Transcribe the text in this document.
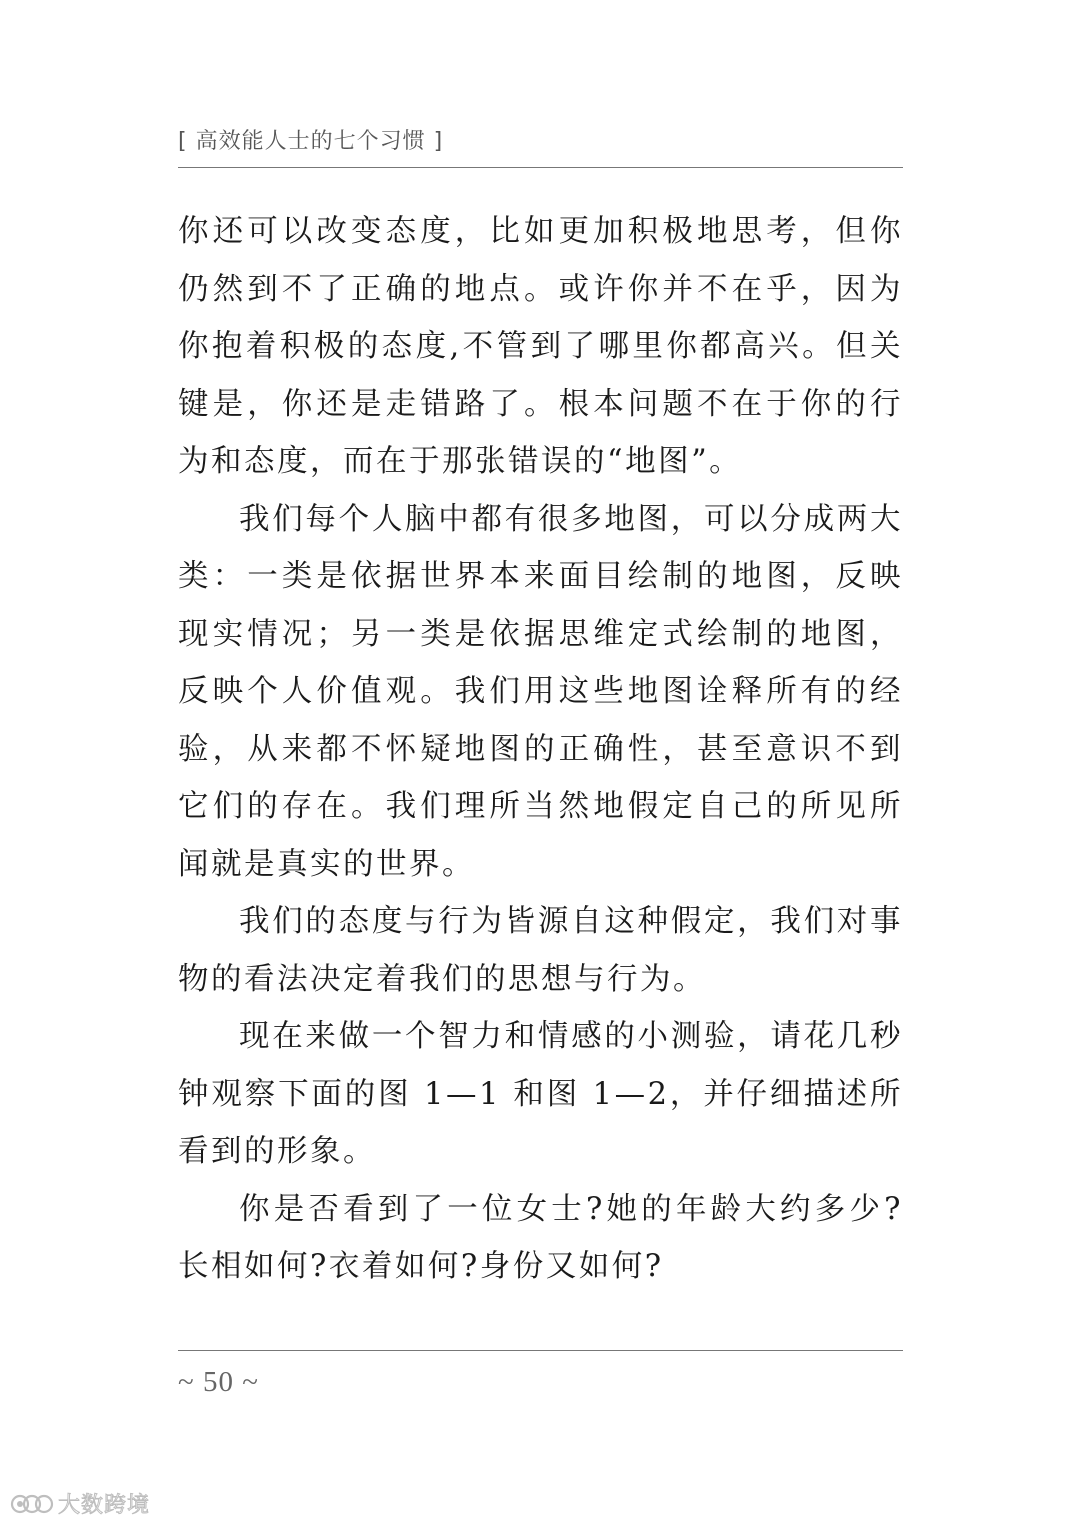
[ 高效能人士的七个习惯 ]

你还可以改变态度，比如更加积极地思考，但你仍然到不了正确的地点。或许你并不在乎，因为你抱着积极的态度,不管到了哪里你都高兴。但关键是，你还是走错路了。根本问题不在于你的行为和态度，而在于那张错误的“地图”。

我们每个人脑中都有很多地图，可以分成两大类：一类是依据世界本来面目绘制的地图，反映现实情况；另一类是依据思维定式绘制的地图，反映个人价值观。我们用这些地图诠释所有的经验，从来都不怀疑地图的正确性，甚至意识不到它们的存在。我们理所当然地假定自己的所见所闻就是真实的世界。

我们的态度与行为皆源自这种假定，我们对事物的看法决定着我们的思想与行为。

现在来做一个智力和情感的小测验，请花几秒钟观察下面的图 1—1 和图 1—2，并仔细描述所看到的形象。

你是否看到了一位女士?她的年龄大约多少?长相如何?衣着如何?身份又如何?

~ 50 ~
大数跨境
